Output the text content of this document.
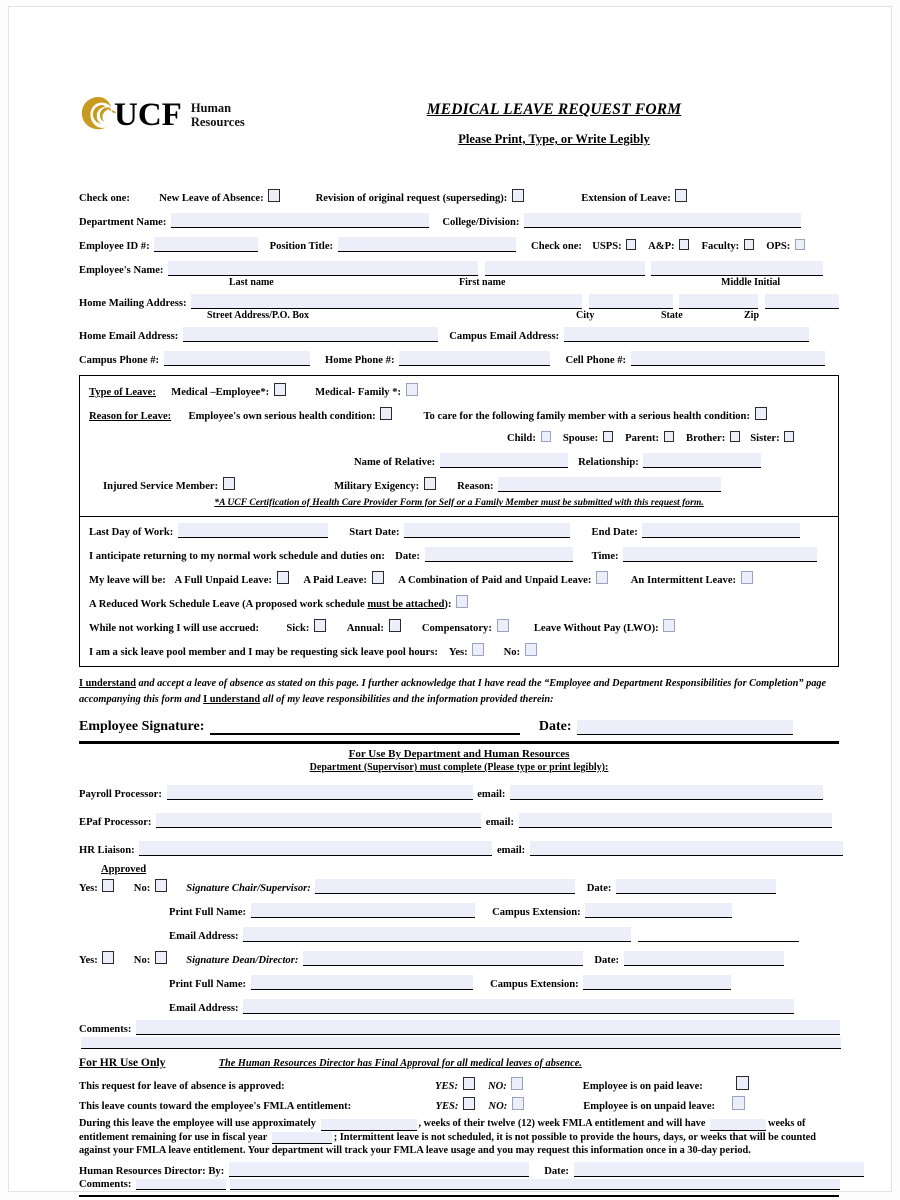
UCF Human
Resources
MEDICAL LEAVE REQUEST FORM
Please Print, Type, or Write Legibly
Check one:	New Leave of Absence:	Revision of original request (superseding):	Extension of Leave:
Department Name:	College/Division:
Employee ID #:	Position Title:	Check one: USPS: A&P:	Faculty:	OPS:
Employee's Name:
Last name	First name	Middle Initial
Home Mailing Address:
Street Address/P.O. Box	City	State	Zip
Home Email Address:	Campus Email Address:
Campus Phone #:	Home Phone #:	Cell Phone #:
Type of Leave: Medical –Employee*:	Medical- Family *:
Reason for Leave: Employee's own serious health condition:	To care for the following family member with a serious health condition:
Child:	Spouse:	Parent:	Brother: Sister:
Name of Relative:	Relationship:
Injured Service Member:	Military Exigency:	Reason:
*A UCF Certification of Health Care Provider Form for Self or a Family Member must be submitted with this request form.
Last Day of Work:	Start Date:	End Date:
I anticipate returning to my normal work schedule and duties on: Date:	Time:
My leave will be: A Full Unpaid Leave:	A Paid Leave:	A Combination of Paid and Unpaid Leave:	An Intermittent Leave:
A Reduced Work Schedule Leave (A proposed work schedule must be attached):
While not working I will use accrued:	Sick:	Annual:	Compensatory:	Leave Without Pay (LWO):
I am a sick leave pool member and I may be requesting sick leave pool hours: Yes:	No:
I understand and accept a leave of absence as stated on this page. I further acknowledge that I have read the “Employee and Department Responsibilities for Completion” page accompanying this form and I understand all of my leave responsibilities and the information provided therein:
Employee Signature:	Date:
For Use By Department and Human Resources
Department (Supervisor) must complete (Please type or print legibly):
Payroll Processor:	email:
EPaf Processor:	email:
HR Liaison:	email:
Approved
Yes:	No:	Signature Chair/Supervisor:	Date:
Print Full Name:	Campus Extension:
Email Address:
Yes:	No:	Signature Dean/Director:	Date:
Print Full Name:	Campus Extension:
Email Address:
Comments:
For HR Use Only	The Human Resources Director has Final Approval for all medical leaves of absence.
This request for leave of absence is approved:	YES:	NO:	Employee is on paid leave:
This leave counts toward the employee's FMLA entitlement:	YES:	NO:	Employee is on unpaid leave:
During this leave the employee will use approximately	, weeks of their twelve (12) week FMLA entitlement and will have	weeks of entitlement remaining for use in fiscal year	; Intermittent leave is not scheduled, it is not possible to provide the hours, days, or weeks that will be counted against your FMLA leave entitlement. Your department will track your FMLA leave usage and you may request this information once in a 30-day period.
Human Resources Director: By:	Date:
Comments:
